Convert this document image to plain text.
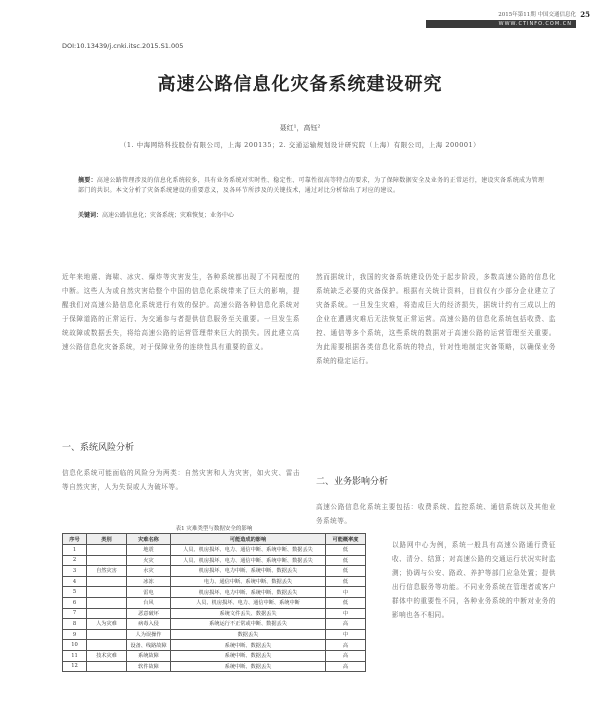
2015年第11期 中国交通信息化
WWW.CTINFO.COM.CN
25
DOI:10.13439/j.cnki.itsc.2015.S1.005
高速公路信息化灾备系统建设研究
聂红¹，高钰²
（1. 中海网络科技股份有限公司，上海 200135；2. 交通运输规划设计研究院（上海）有限公司，上海 200001）
摘要：高速公路管理涉及的信息化系统较多，具有业务系统对实时性、稳定性、可靠性很高等特点的要求，为了保障数据安全及业务的正常运行，建设灾备系统成为管理部门的共识。本文分析了灾备系统建设的重要意义，及各环节所涉及的关键技术，通过对比分析给出了对应的建议。
关键词：高速公路信息化；灾备系统；灾难恢复；业务中心
近年来地震、海啸、冰灾、爆炸等灾害发生，各种系统都出现了不同程度的中断。这些人为或自然灾害给整个中国的信息化系统带来了巨大的影响，提醒我们对高速公路信息化系统进行有效的保护。高速公路各种信息化系统对于保障道路的正常运行、为交通参与者提供信息服务至关重要。一旦发生系统故障或数据丢失，将给高速公路的运营管理带来巨大的损失。因此建立高速公路信息化灾备系统，对于保障业务的连续性具有重要的意义。
然而据统计，我国的灾备系统建设仍处于起步阶段，多数高速公路的信息化系统缺乏必要的灾备保护。根据有关统计资料，目前仅有少部分企业建立了灾备系统。一旦发生灾难，将造成巨大的经济损失，据统计约有三成以上的企业在遭遇灾难后无法恢复正常运营。高速公路的信息化系统包括收费、监控、通信等多个系统，这些系统的数据对于高速公路的运营管理至关重要。为此需要根据各类信息化系统的特点，针对性地制定灾备策略，以确保业务系统的稳定运行。
一、系统风险分析
信息化系统可能面临的风险分为两类：自然灾害和人为灾害，如火灾、雷击等自然灾害，人为失误或人为破坏等。	二、业务影响分析
高速公路信息化系统主要包括：收费系统、监控系统、通信系统以及其他业务系统等。
以路网中心为例，系统一般具有高速公路通行费征收、清分、结算；对高速公路的交通运行状况实时监测；协调与公安、路政、养护等部门应急处置；提供出行信息服务等功能。不同业务系统在管理者或客户群体中的重要性不同，各种业务系统的中断对业务的影响也各不相同。
表1 灾难类型与数据安全的影响
序号	类别	灾难名称	可能造成的影响	可能概率度
1		地震	人员、机房损坏、电力、通信中断、系统中断、数据丢失	低
2		火灾	人员、机房损坏、电力、通信中断、系统中断、数据丢失	低
3	自然灾害	水灾	机房损坏、电力中断、系统中断、数据丢失	低
4		冰冻	电力、通信中断、系统中断、数据丢失	低
5		雷电	机房损坏、电力中断、系统中断、数据丢失	中
6		台风	人员、机房损坏、电力、通信中断、系统中断	低
7		恶意破坏	系统文件丢失、数据丢失	中
8	人为灾难	病毒入侵	系统运行不正常或中断、数据丢失	高
9		人为误操作	数据丢失	中
10		设备、线路故障	系统中断、数据丢失	高
11	技术灾难	系统故障	系统中断、数据丢失	高
12		软件故障	系统中断、数据丢失	高
